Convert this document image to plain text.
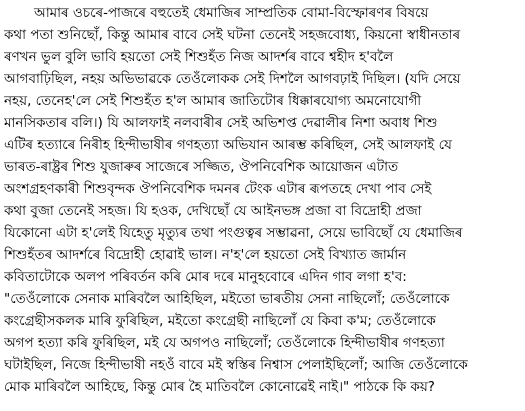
আমাৰ ওচৰে-পাজৰে বহুতেই ধেমাজিৰ সাম্প্ৰতিক বোমা-বিস্ফোৰণৰ বিষয়ে
কথা পতা শুনিছোঁ, কিন্তু আমাৰ বাবে সেই ঘটনা তেনেই সহজবোধ্য, কিয়নো স্বাধীনতাৰ
ৰণখন ভুল বুলি ভাবি হয়তো সেই শিশুহঁত নিজ আদৰ্শৰ বাবে শ্বহীদ হ'বলৈ
আগবাঢ়িছিল, নহয় অভিভাৱকে তেওঁলোকক সেই দিশলৈ আগবঢ়াই দিছিল। (যদি সেয়ে
নহয়, তেনেহ'লে সেই শিশুহঁত হ'ল আমাৰ জাতিটোৰ ধিক্কাৰযোগ্য অমনোযোগী
মানসিকতাৰ বলি।) যি আলফাই নলবাৰীৰ সেই অভিশপ্ত দেৱালীৰ নিশা অবাধ শিশু
এটিৰ হত্যাৰে নিৰীহ হিন্দীভাষীৰ গণহত্যা অভিযান আৰম্ভ কৰিছিল, সেই আলফাই যে
ভাৰত-ৰাষ্ট্ৰৰ শিশু যুজাৰুৰ সাজেৰে সজ্জিত, ঔপনিবেশিক আয়োজন এটাত
অংশগ্ৰহণকাৰী শিশুবৃন্দক ঔপনিবেশিক দমনৰ টেংক এটাৰ ৰূপতহে দেখা পাব সেই
কথা বুজা তেনেই সহজ। যি হওক, দেখিছোঁ যে আইনভঙ্গ প্ৰজা বা বিদ্ৰোহী প্ৰজা
যিকোনো এটা হ'লেই যিহেতু মৃত্যুৰ তথা পংগুত্বৰ সম্ভাৱনা, সেয়ে ভাবিছোঁ যে ধেমাজিৰ
শিশুহঁতৰ আদৰ্শৰে বিদ্ৰোহী হোৱাই ভাল। ন'হ'লে হয়তো সেই বিখ্যাত জাৰ্মান
কবিতাটোকে অলপ পৰিবৰ্তন কৰি মোৰ দৰে মানুহবোৰে এদিন গাব লগা হ'ব:
"তেওঁলোকে সেনাক মাৰিবলৈ আহিছিল, মইতো ভাৰতীয় সেনা নাছিলোঁ; তেওঁলোকে
কংগ্ৰেছীসকলক মাৰি ফুৰিছিল, মইতো কংগ্ৰেছী নাছিলোঁ যে কিবা ক'ম; তেওঁলোকে
অগপ হত্যা কৰি ফুৰিছিল, মই যে অগপও নাছিলোঁ; তেওঁলোকে হিন্দীভাষীৰ গণহত্যা
ঘটাইছিল, নিজে হিন্দীভাষী নহওঁ বাবে মই স্বস্তিৰ নিশ্বাস পেলাইছিলোঁ; আজি তেওঁলোকে
মোক মাৰিবলৈ আহিছে, কিন্তু মোৰ হৈ মাতিবলৈ কোনোৱেই নাই।" পাঠকে কি কয়?
